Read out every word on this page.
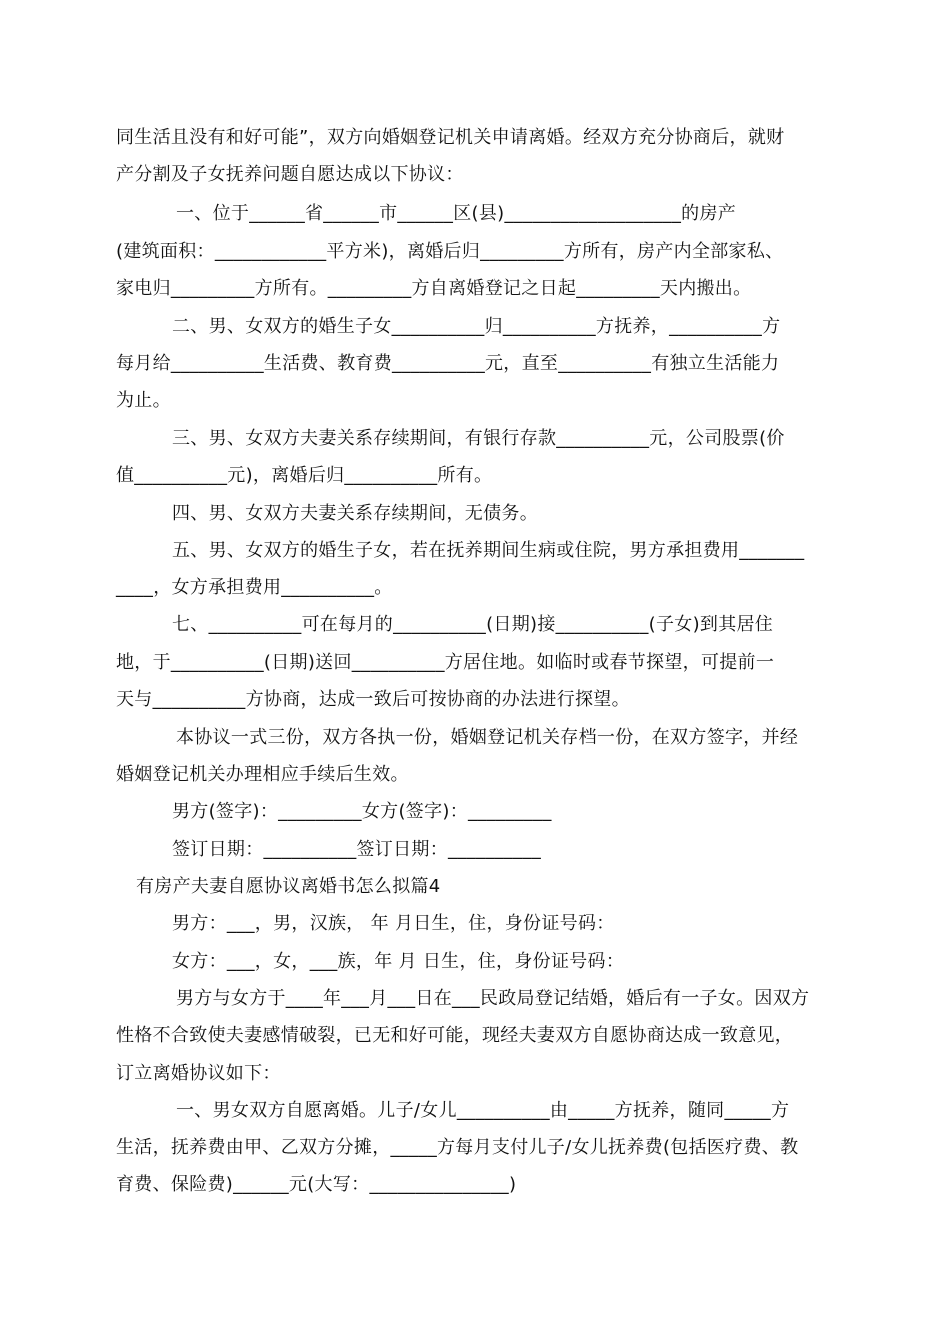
同生活且没有和好可能”，双方向婚姻登记机关申请离婚。经双方充分协商后，就财
产分割及子女抚养问题自愿达成以下协议：
一、位于______省______市______区(县)___________________的房产
(建筑面积：____________平方米)，离婚后归_________方所有，房产内全部家私、
家电归_________方所有。_________方自离婚登记之日起_________天内搬出。
二、男、女双方的婚生子女__________归__________方抚养，__________方
每月给__________生活费、教育费__________元，直至__________有独立生活能力
为止。
三、男、女双方夫妻关系存续期间，有银行存款__________元，公司股票(价
值__________元)，离婚后归__________所有。
四、男、女双方夫妻关系存续期间，无债务。
五、男、女双方的婚生子女，若在抚养期间生病或住院，男方承担费用_______
____，女方承担费用__________。
七、__________可在每月的__________(日期)接__________(子女)到其居住
地，于__________(日期)送回__________方居住地。如临时或春节探望，可提前一
天与__________方协商，达成一致后可按协商的办法进行探望。
本协议一式三份，双方各执一份，婚姻登记机关存档一份，在双方签字，并经
婚姻登记机关办理相应手续后生效。
男方(签字)：_________女方(签字)：_________
签订日期：__________签订日期：__________
有房产夫妻自愿协议离婚书怎么拟篇4
男方：___，男，汉族， 年 月日生，住，身份证号码：
女方：___，女，___族，年 月 日生，住，身份证号码：
男方与女方于____年___月___日在___民政局登记结婚，婚后有一子女。因双方
性格不合致使夫妻感情破裂，已无和好可能，现经夫妻双方自愿协商达成一致意见，
订立离婚协议如下：
一、男女双方自愿离婚。儿子/女儿__________由_____方抚养，随同_____方
生活，抚养费由甲、乙双方分摊，_____方每月支付儿子/女儿抚养费(包括医疗费、教
育费、保险费)______元(大写：_______________)
